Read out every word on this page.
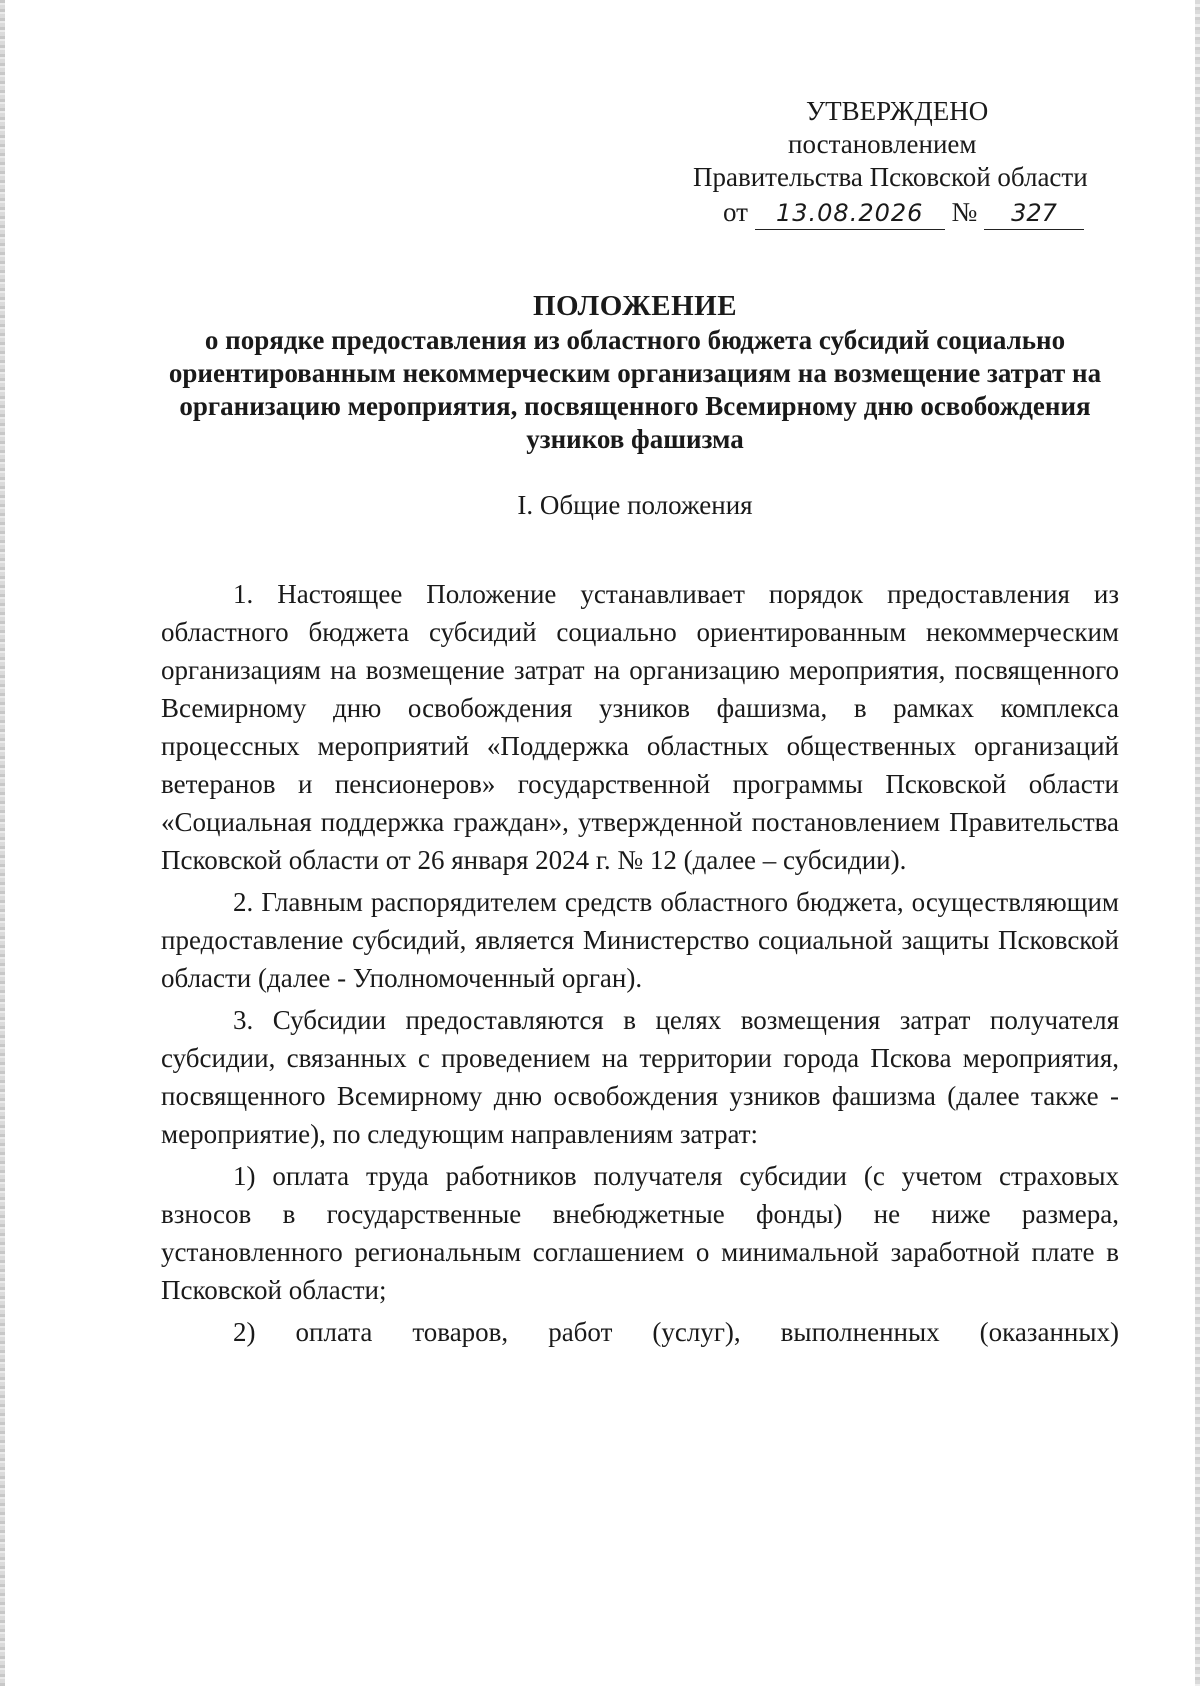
УТВЕРЖДЕНО
постановлением
Правительства Псковской области
от 13.08.2026 № 327
ПОЛОЖЕНИЕ
о порядке предоставления из областного бюджета субсидий социально ориентированным некоммерческим организациям на возмещение затрат на организацию мероприятия, посвященного Всемирному дню освобождения узников фашизма
I. Общие положения

1. Настоящее Положение устанавливает порядок предоставления из областного бюджета субсидий социально ориентированным некоммерческим организациям на возмещение затрат на организацию мероприятия, посвященного Всемирному дню освобождения узников фашизма, в рамках комплекса процессных мероприятий «Поддержка областных общественных организаций ветеранов и пенсионеров» государственной программы Псковской области «Социальная поддержка граждан», утвержденной постановлением Правительства Псковской области от 26 января 2024 г. № 12 (далее – субсидии).

2. Главным распорядителем средств областного бюджета, осуществляющим предоставление субсидий, является Министерство социальной защиты Псковской области (далее - Уполномоченный орган).

3. Субсидии предоставляются в целях возмещения затрат получателя субсидии, связанных с проведением на территории города Пскова мероприятия, посвященного Всемирному дню освобождения узников фашизма (далее также - мероприятие), по следующим направлениям затрат:

1) оплата труда работников получателя субсидии (с учетом страховых взносов в государственные внебюджетные фонды) не ниже размера, установленного региональным соглашением о минимальной заработной плате в Псковской области;

2) оплата товаров, работ (услуг), выполненных (оказанных)
